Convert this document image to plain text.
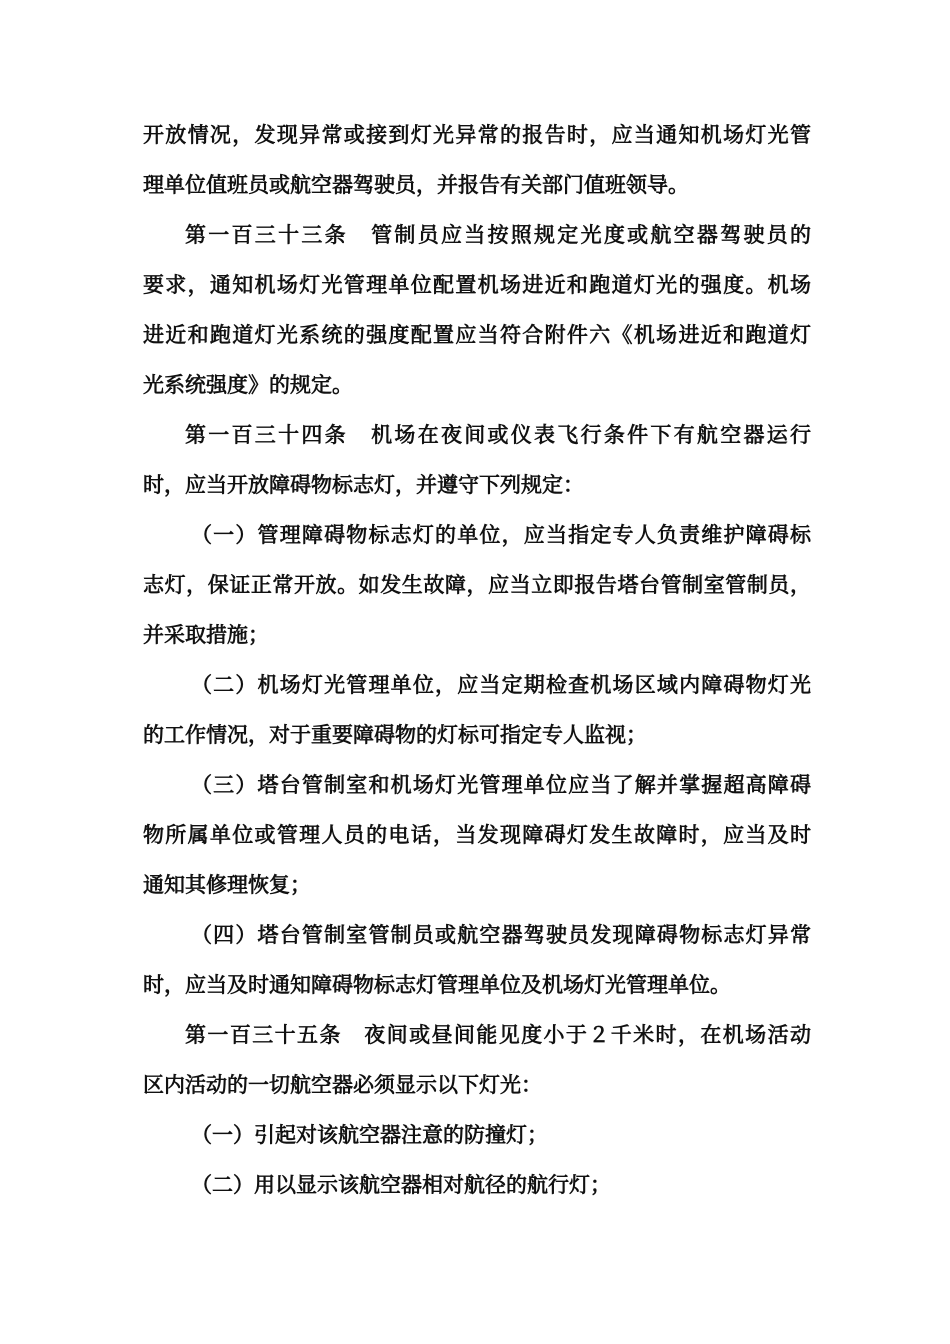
开放情况，发现异常或接到灯光异常的报告时，应当通知机场灯光管
理单位值班员或航空器驾驶员，并报告有关部门值班领导。
第一百三十三条　管制员应当按照规定光度或航空器驾驶员的
要求，通知机场灯光管理单位配置机场进近和跑道灯光的强度。机场
进近和跑道灯光系统的强度配置应当符合附件六《机场进近和跑道灯
光系统强度》的规定。
第一百三十四条　机场在夜间或仪表飞行条件下有航空器运行
时，应当开放障碍物标志灯，并遵守下列规定：
（一）管理障碍物标志灯的单位，应当指定专人负责维护障碍标
志灯，保证正常开放。如发生故障，应当立即报告塔台管制室管制员，
并采取措施；
（二）机场灯光管理单位，应当定期检查机场区域内障碍物灯光
的工作情况，对于重要障碍物的灯标可指定专人监视；
（三）塔台管制室和机场灯光管理单位应当了解并掌握超高障碍
物所属单位或管理人员的电话，当发现障碍灯发生故障时，应当及时
通知其修理恢复；
（四）塔台管制室管制员或航空器驾驶员发现障碍物标志灯异常
时，应当及时通知障碍物标志灯管理单位及机场灯光管理单位。
第一百三十五条　夜间或昼间能见度小于２千米时，在机场活动
区内活动的一切航空器必须显示以下灯光：
（一）引起对该航空器注意的防撞灯；
（二）用以显示该航空器相对航径的航行灯；
